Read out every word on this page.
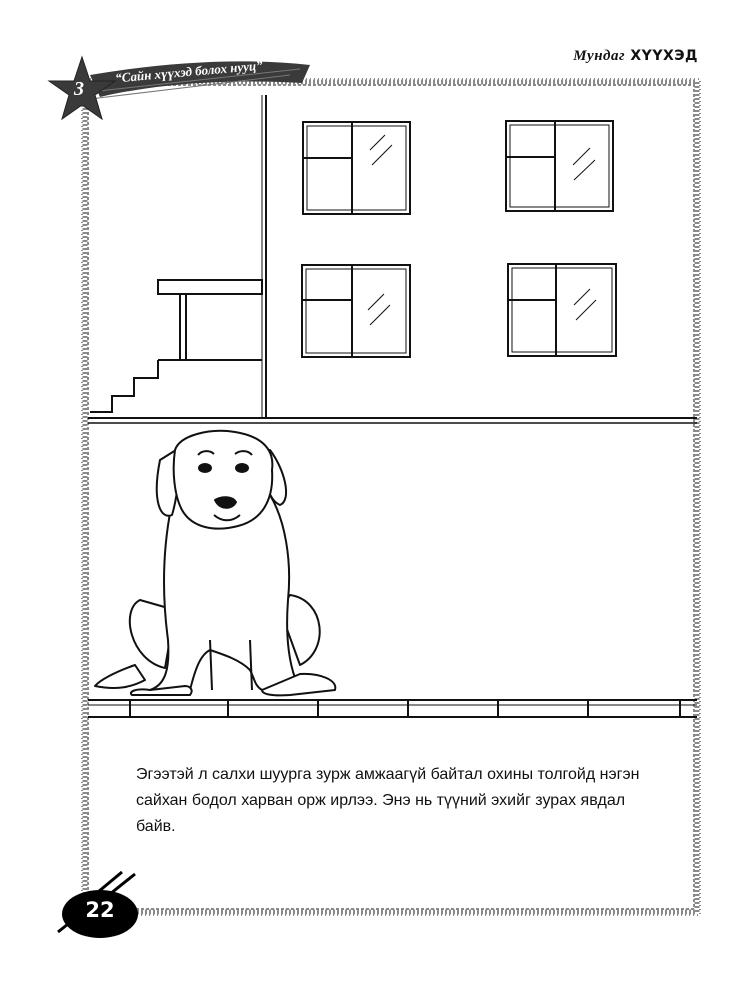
Мундаг ХҮҮХЭД
3
“Сайн хүүхэд болох нууц”
Эгээтэй л салхи шуурга зурж амжаагүй байтал охины толгойд нэгэн сайхан бодол харван орж ирлээ. Энэ нь түүний эхийг зурах явдал байв.
22
